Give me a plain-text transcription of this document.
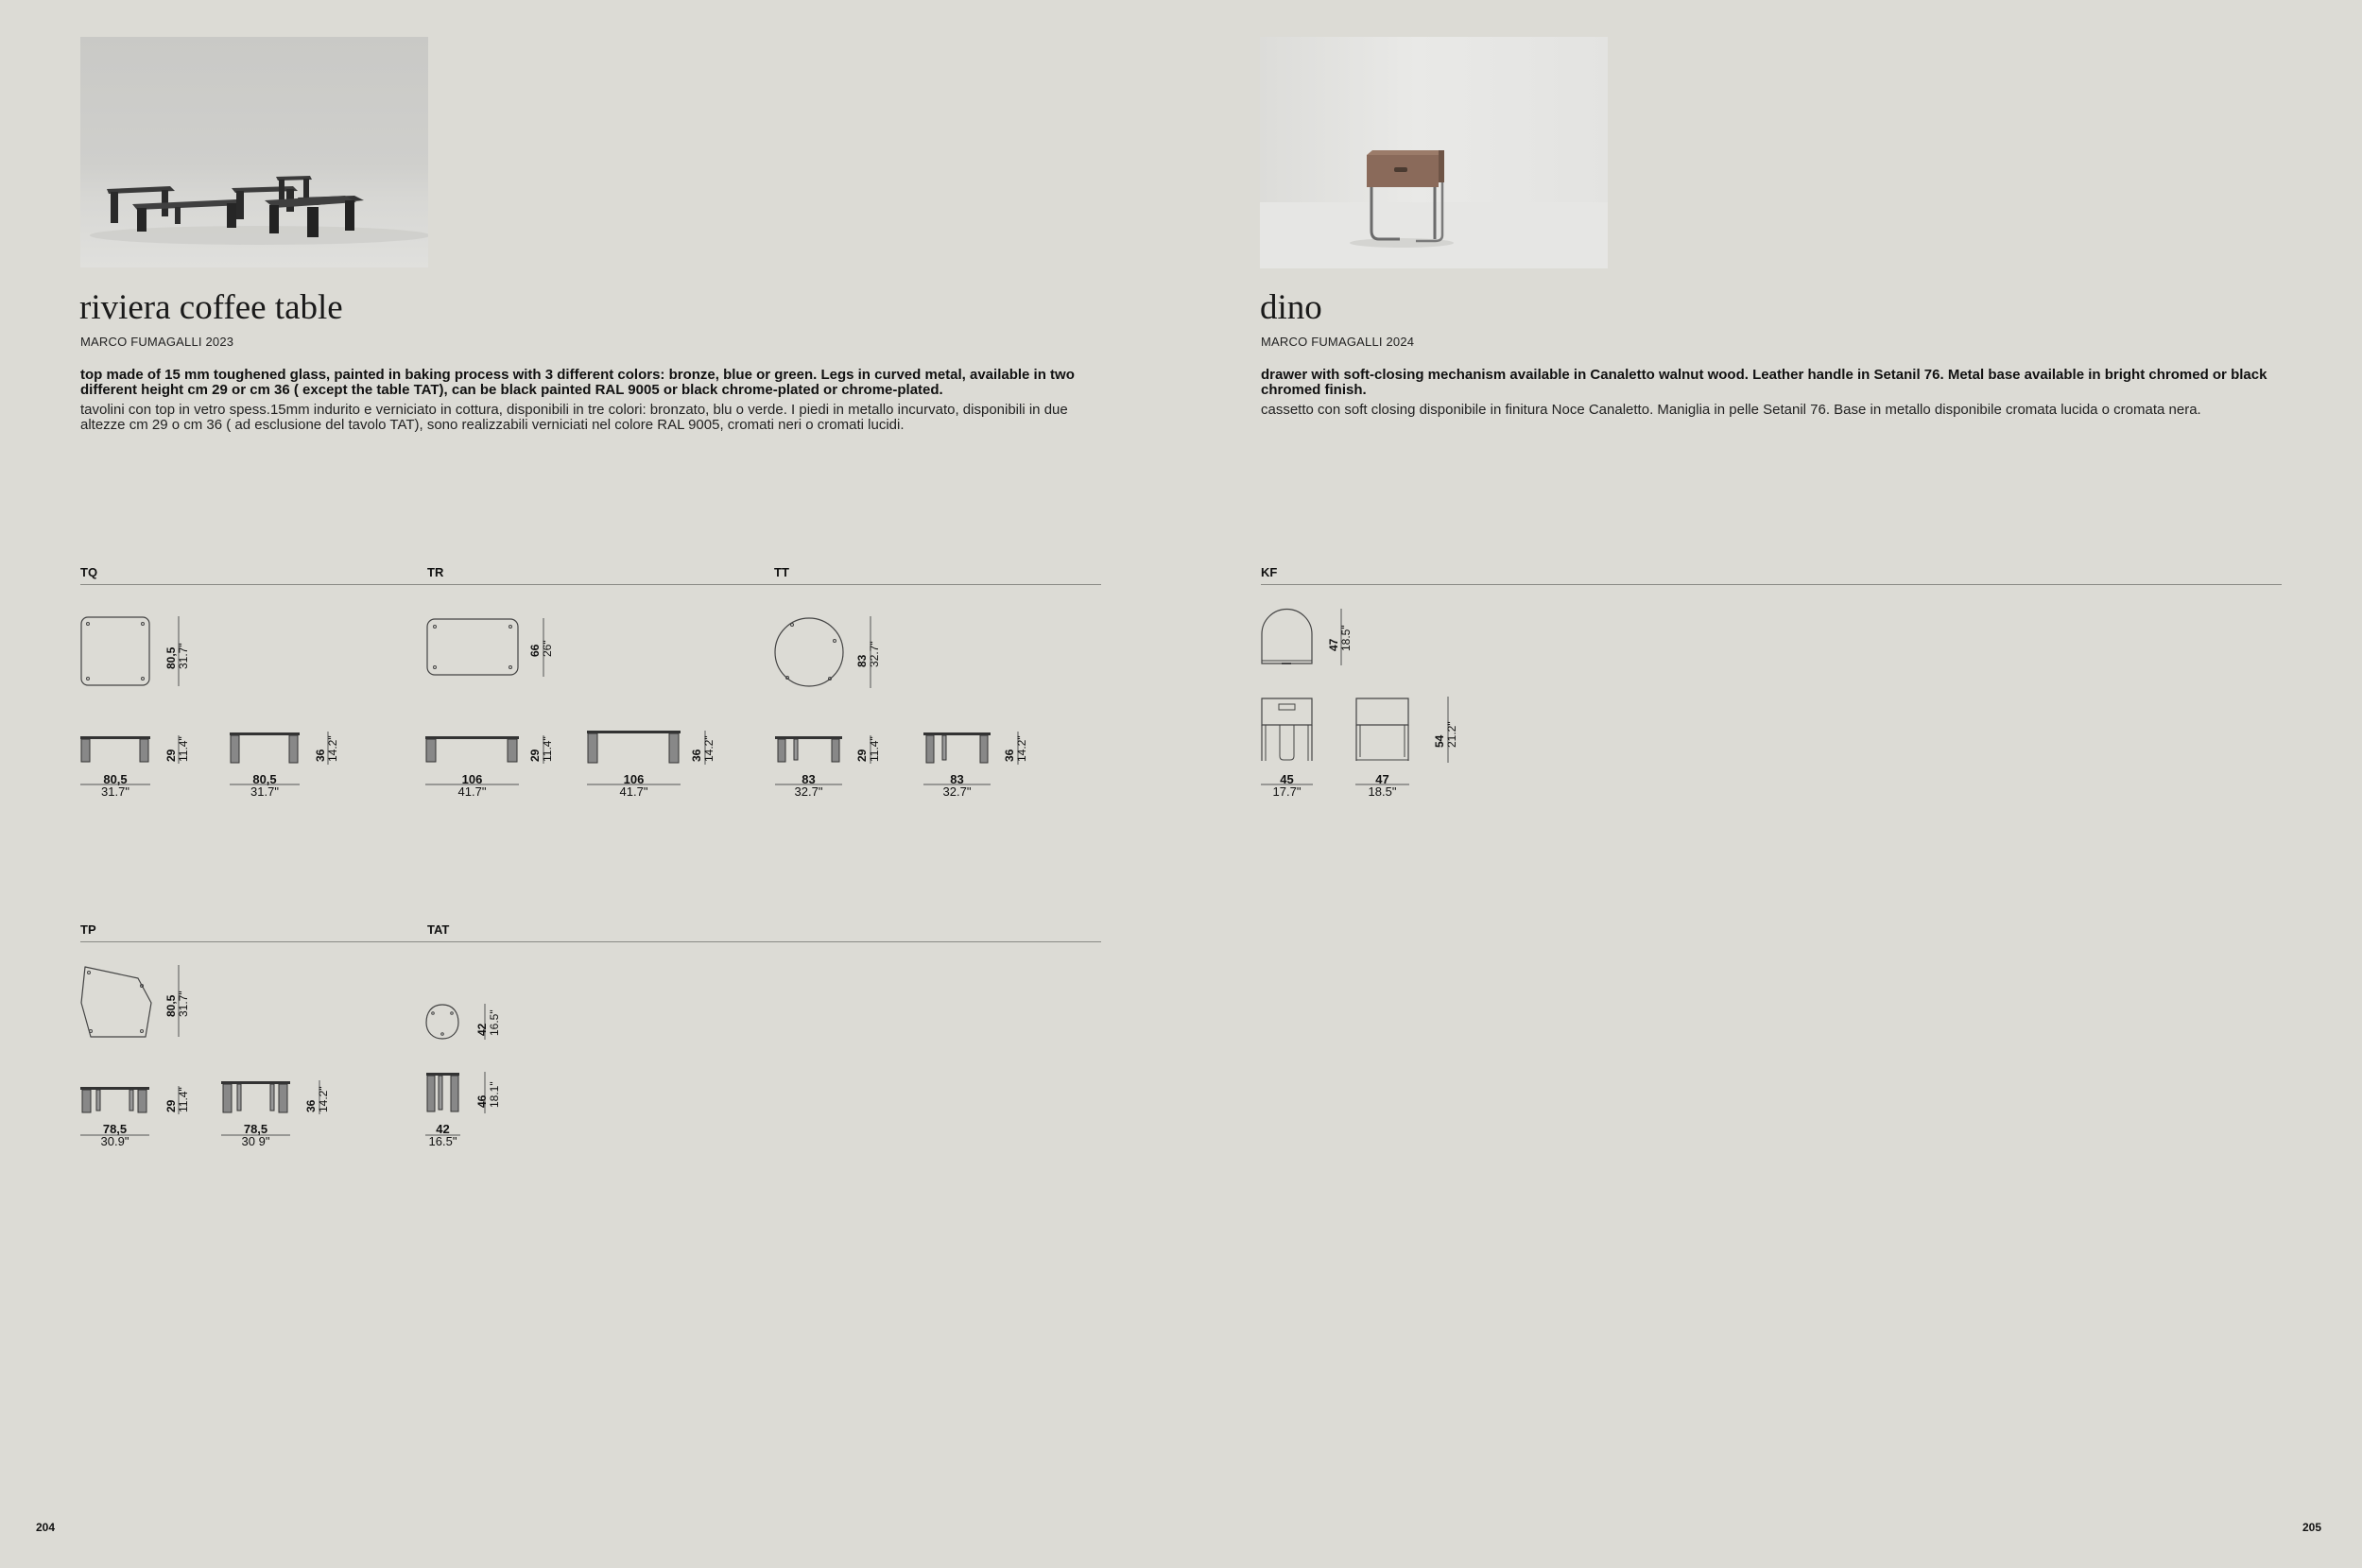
riviera coffee table
MARCO FUMAGALLI 2023
top made of 15 mm toughened glass, painted in baking process with 3 different colors: bronze, blue or green. Legs in curved metal, available in two different height cm 29 or cm 36 ( except the table TAT), can be black painted RAL 9005 or black chrome-plated or chrome-plated.
tavolini con top in vetro spess.15mm indurito e verniciato in cottura, disponibili in tre colori: bronzato, blu o verde. I piedi in metallo incurvato, disponibili in due altezze cm 29 o cm 36 ( ad esclusione del tavolo TAT), sono realizzabili verniciati nel colore RAL 9005, cromati neri o cromati lucidi.
TQ
80,5
31.7"
29
11.4"	36
14.2"
80,5
31.7"
80,5
31.7"
TR
66
26"
29
11.4"	36
14.2"
106
41.7"
106
41.7"
TT
83
32.7"
29
11.4"	36
14.2"
83
32.7"
83
32.7"
TP
80,5
31.7"
29
11.4"	36
14.2"
78,5
30.9"
78,5
30 9"
TAT
42
16.5"
46
18.1"
42
16.5"
204
dino
MARCO FUMAGALLI 2024
drawer with soft-closing mechanism available in Canaletto walnut wood. Leather handle in Setanil 76. Metal base available in bright chromed or black chromed finish.
cassetto con soft closing disponibile in finitura Noce Canaletto. Maniglia in pelle Setanil 76. Base in metallo disponibile cromata lucida o cromata nera.
KF
47
18.5"
54
21.2"
45
17.7"
47
18.5"
205
